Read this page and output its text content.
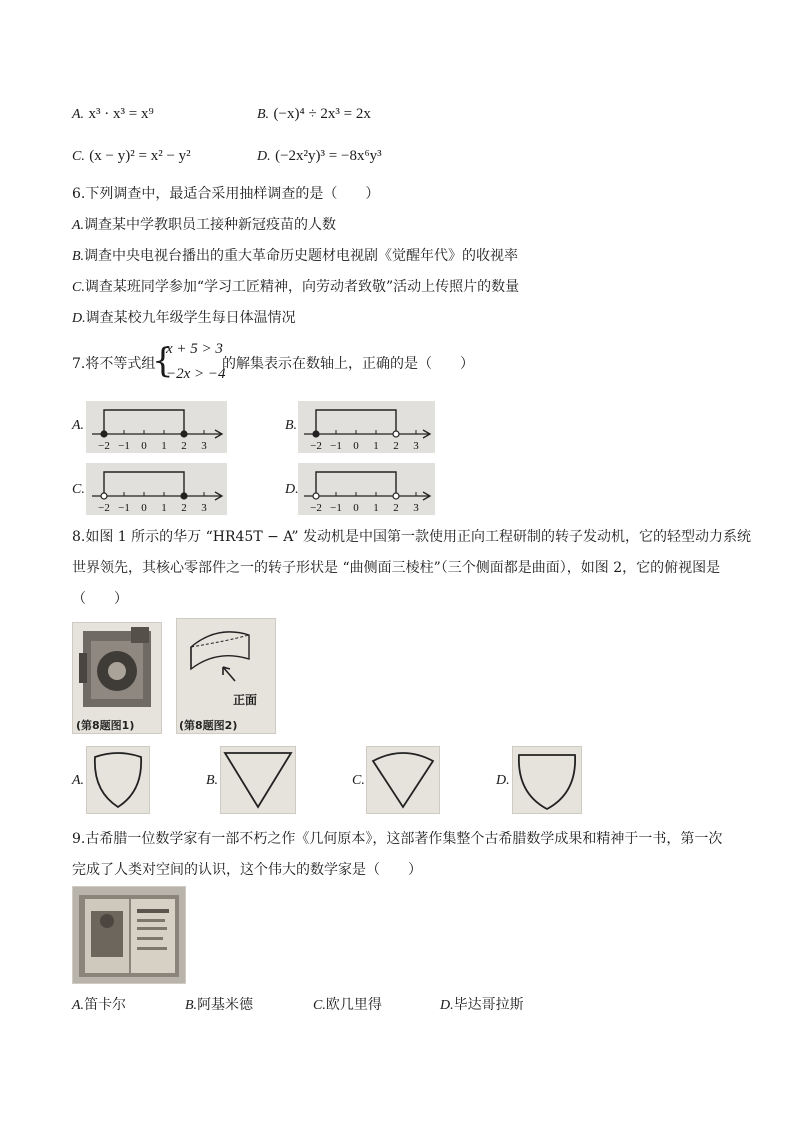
A. x³ · x³ = x⁹	B. (−x)⁴ ÷ 2x³ = 2x
C. (x − y)² = x² − y²	D. (−2x²y)³ = −8x⁶y³
6.下列调查中，最适合采用抽样调查的是（　　）
A.调查某中学教职员工接种新冠疫苗的人数
B.调查中央电视台播出的重大革命历史题材电视剧《觉醒年代》的收视率
C.调查某班同学参加“学习工匠精神，向劳动者致敬”活动上传照片的数量
D.调查某校九年级学生每日体温情况
7.将不等式组
{
x + 5 > 3
−2x > −4
的解集表示在数轴上，正确的是（　　）
A.
−2 −1 0 1 2 3
B.
−2 −1 0 1 2 3
C.
−2 −1 0 1 2 3
D.
−2 −1 0 1 2 3
8.如图 1 所示的华万 “HR45T − A” 发动机是中国第一款使用正向工程研制的转子发动机，它的轻型动力系统
世界领先，其核心零部件之一的转子形状是 “曲侧面三棱柱”（三个侧面都是曲面），如图 2，它的俯视图是
（　　）
(第8题图1)
正面
(第8题图2)
A.	B.	C.	D.
9.古希腊一位数学家有一部不朽之作《几何原本》，这部著作集整个古希腊数学成果和精神于一书，第一次
完成了人类对空间的认识，这个伟大的数学家是（　　）
A.笛卡尔	B.阿基米德	C.欧几里得	D.毕达哥拉斯
